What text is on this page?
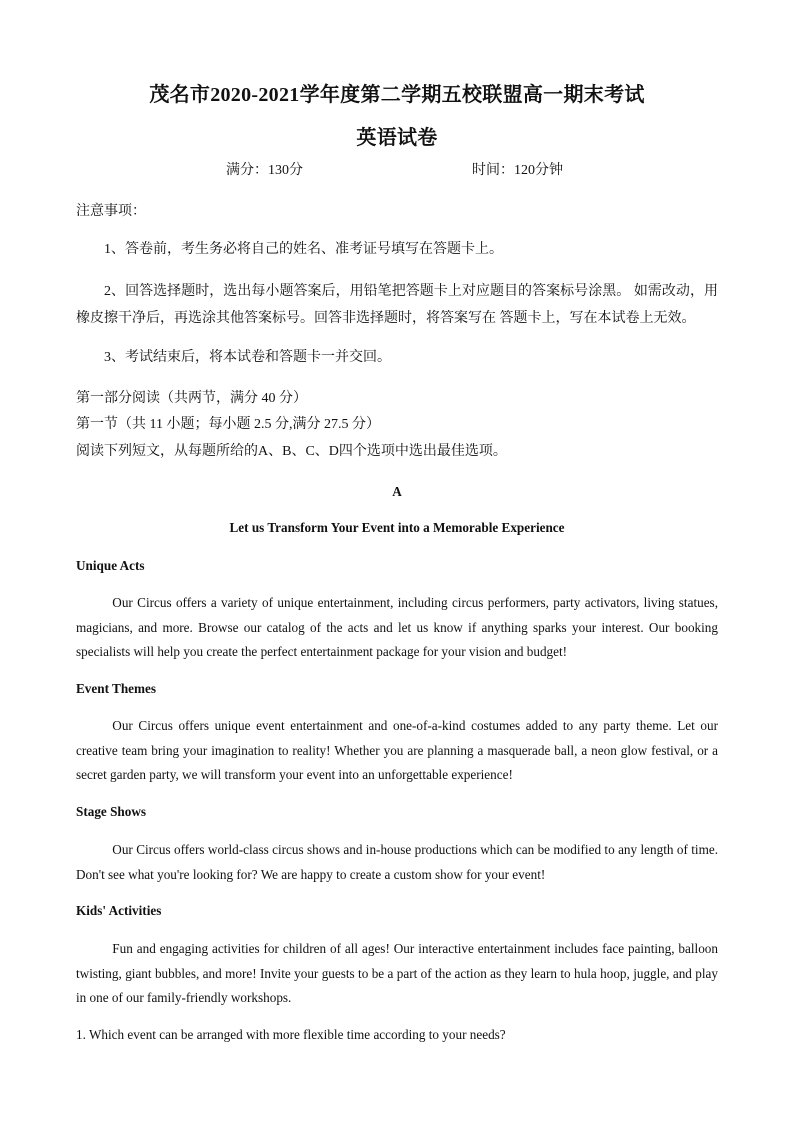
茂名市2020-2021学年度第二学期五校联盟高一期末考试
英语试卷
满分：130分	时间：120分钟
注意事项：
1、答卷前，考生务必将自己的姓名、准考证号填写在答题卡上。
2、回答选择题时，选出每小题答案后，用铅笔把答题卡上对应题目的答案标号涂黑。 如需改动，用橡皮擦干净后，再选涂其他答案标号。回答非选择题时，将答案写在 答题卡上，写在本试卷上无效。
3、考试结束后，将本试卷和答题卡一并交回。
第一部分阅读（共两节，满分 40 分）
第一节（共 11 小题；每小题 2.5 分,满分 27.5 分）
阅读下列短文，从每题所给的A、B、C、D四个选项中选出最佳选项。
A
Let us Transform Your Event into a Memorable Experience
Unique Acts
Our Circus offers a variety of unique entertainment, including circus performers, party activators, living statues, magicians, and more. Browse our catalog of the acts and let us know if anything sparks your interest. Our booking specialists will help you create the perfect entertainment package for your vision and budget!
Event Themes
Our Circus offers unique event entertainment and one-of-a-kind costumes added to any party theme. Let our creative team bring your imagination to reality! Whether you are planning a masquerade ball, a neon glow festival, or a secret garden party, we will transform your event into an unforgettable experience!
Stage Shows
Our Circus offers world-class circus shows and in-house productions which can be modified to any length of time. Don't see what you're looking for? We are happy to create a custom show for your event!
Kids' Activities
Fun and engaging activities for children of all ages! Our interactive entertainment includes face painting, balloon twisting, giant bubbles, and more! Invite your guests to be a part of the action as they learn to hula hoop, juggle, and play in one of our family-friendly workshops.
1. Which event can be arranged with more flexible time according to your needs?
